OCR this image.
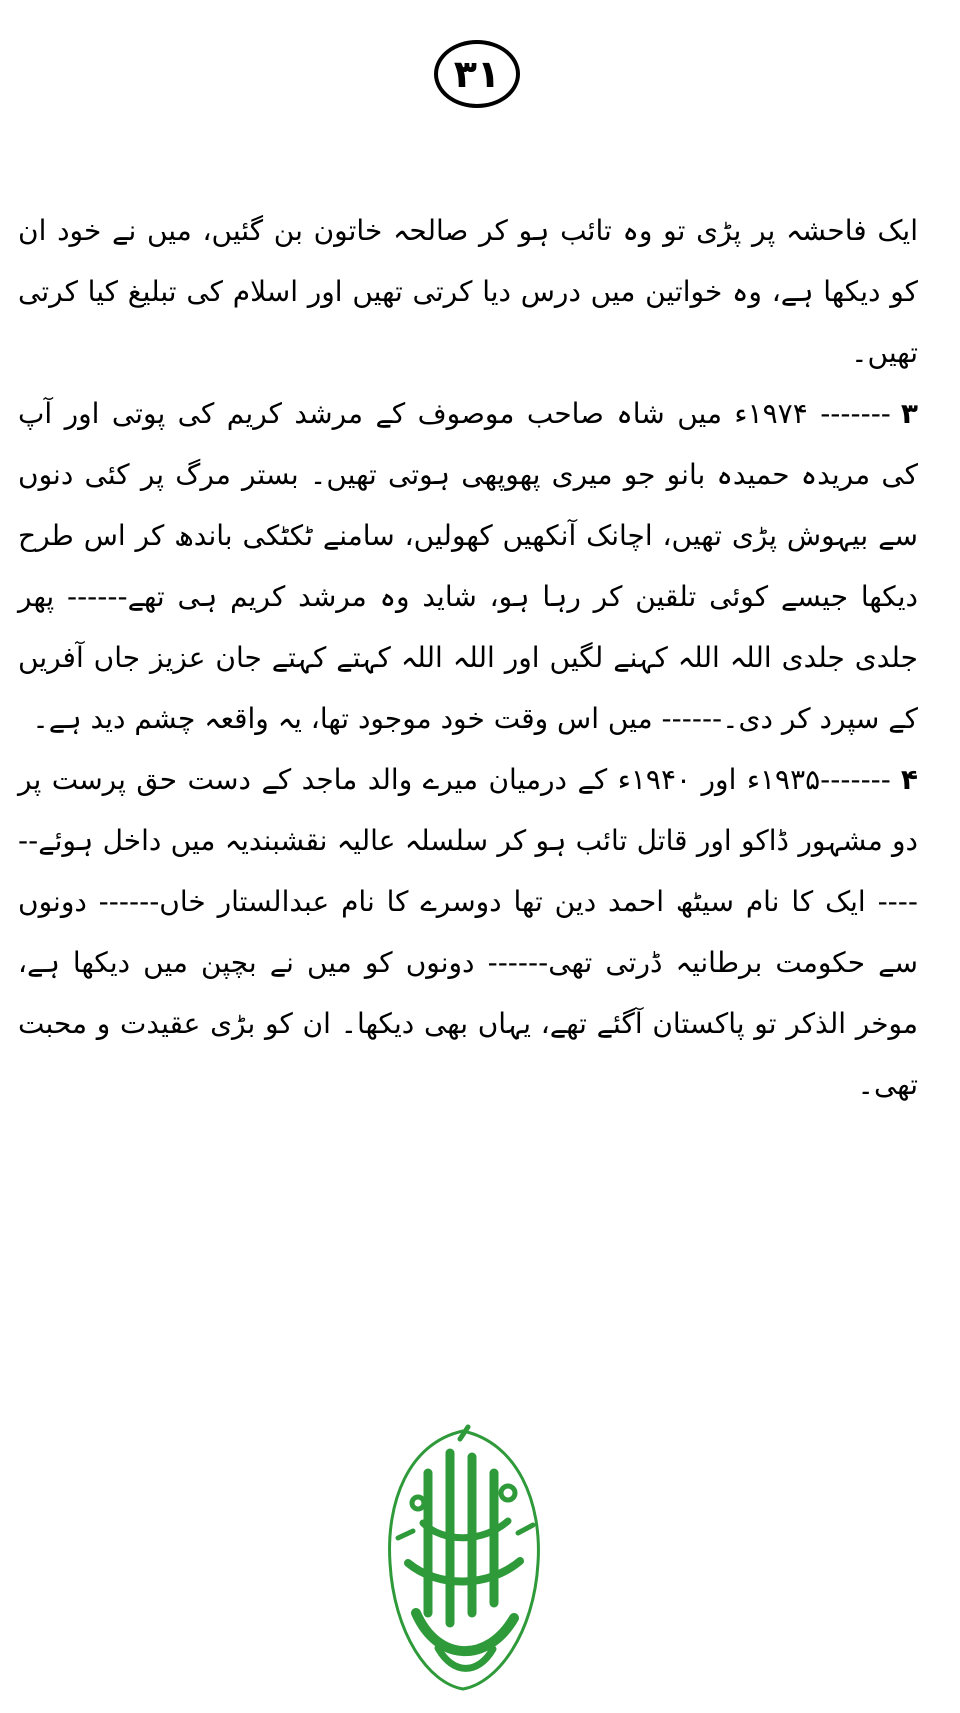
۳۱

ایک فاحشہ پر پڑی تو وہ تائب ہو کر صالحہ خاتون بن گئیں، میں نے خود ان کو دیکھا ہے، وہ خواتین میں درس دیا کرتی تھیں اور اسلام کی تبلیغ کیا کرتی تھیں۔

۳------- ۱۹۷۴ء میں شاہ صاحب موصوف کے مرشد کریم کی پوتی اور آپ کی مریدہ حمیدہ بانو جو میری پھوپھی ہوتی تھیں۔ بستر مرگ پر کئی دنوں سے بیہوش پڑی تھیں، اچانک آنکھیں کھولیں، سامنے ٹکٹکی باندھ کر اس طرح دیکھا جیسے کوئی تلقین کر رہا ہو، شاید وہ مرشد کریم ہی تھے------ پھر جلدی جلدی اللہ اللہ کہنے لگیں اور اللہ اللہ کہتے کہتے جان عزیز جاں آفریں کے سپرد کر دی۔------ میں اس وقت خود موجود تھا، یہ واقعہ چشم دید ہے۔

۴-------۱۹۳۵ء اور ۱۹۴۰ء کے درمیان میرے والد ماجد کے دست حق پرست پر دو مشہور ڈاکو اور قاتل تائب ہو کر سلسلہ عالیہ نقشبندیہ میں داخل ہوئے------ ایک کا نام سیٹھ احمد دین تھا دوسرے کا نام عبدالستار خاں------ دونوں سے حکومت برطانیہ ڈرتی تھی------ دونوں کو میں نے بچپن میں دیکھا ہے، موخر الذکر تو پاکستان آگئے تھے، یہاں بھی دیکھا۔ ان کو بڑی عقیدت و محبت تھی۔
